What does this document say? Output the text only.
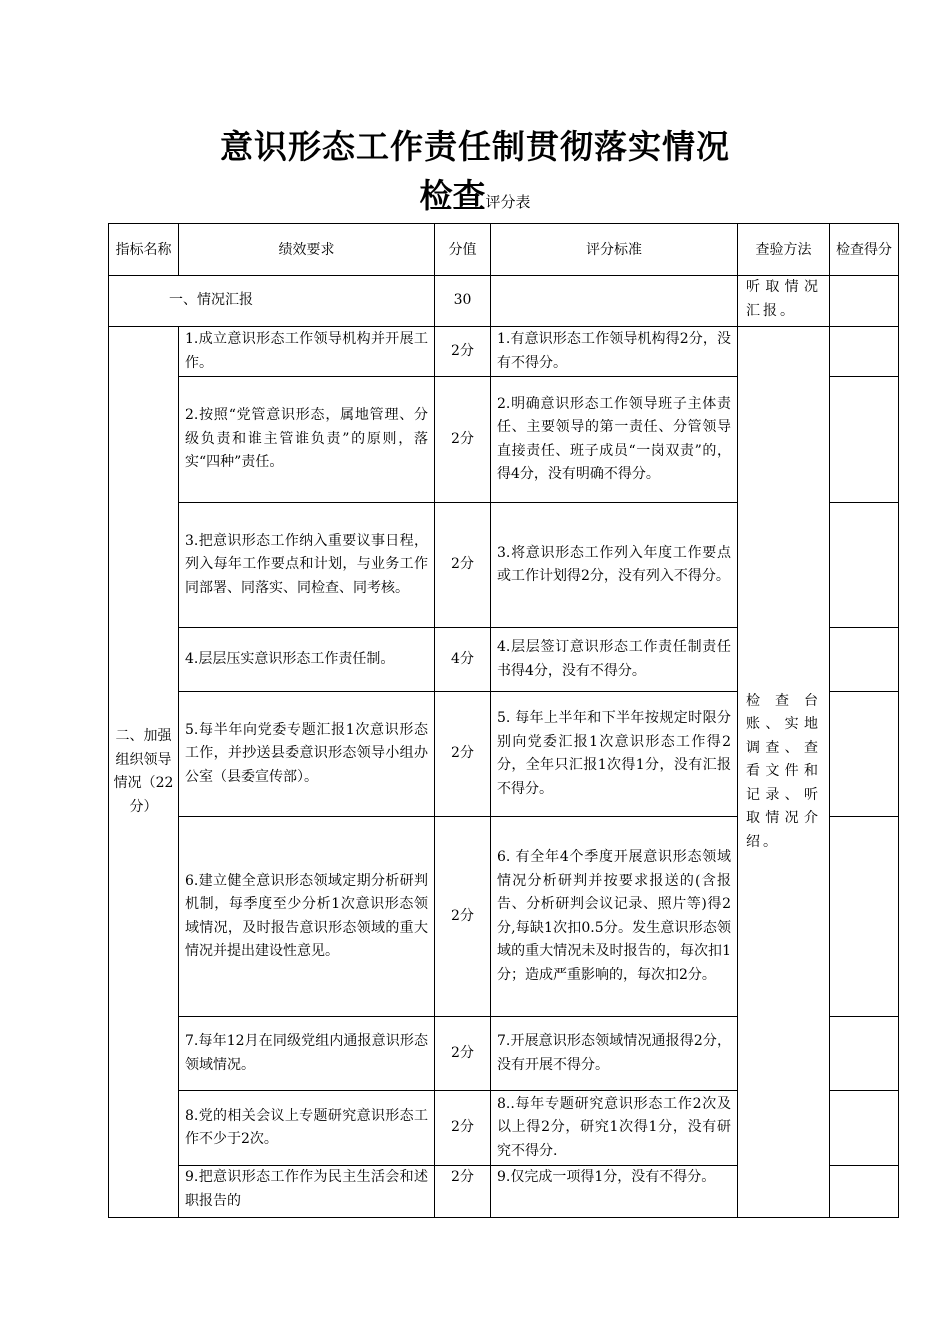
意识形态工作责任制贯彻落实情况
检查评分表
指标名称	绩效要求	分值	评分标准	查验方法	检查得分
一、情况汇报		30		听取情况汇报。	
二、加强组织领导情况（22分）	1.成立意识形态工作领导机构并开展工作。	2分	1.有意识形态工作领导机构得2分，没有不得分。	检查台账、实地调查、查看文件和记录、听取情况介绍。	
	2.按照“党管意识形态，属地管理、分级负责和谁主管谁负责”的原则，落实“四种”责任。	2分	2.明确意识形态工作领导班子主体责任、主要领导的第一责任、分管领导直接责任、班子成员“一岗双责”的，得4分，没有明确不得分。		
	3.把意识形态工作纳入重要议事日程，列入每年工作要点和计划，与业务工作同部署、同落实、同检查、同考核。	2分	3.将意识形态工作列入年度工作要点或工作计划得2分，没有列入不得分。		
	4.层层压实意识形态工作责任制。	4分	4.层层签订意识形态工作责任制责任书得4分，没有不得分。		
	5.每半年向党委专题汇报1次意识形态工作，并抄送县委意识形态领导小组办公室（县委宣传部）。	2分	5. 每年上半年和下半年按规定时限分别向党委汇报1次意识形态工作得2分，全年只汇报1次得1分，没有汇报不得分。		
	6.建立健全意识形态领域定期分析研判机制，每季度至少分析1次意识形态领域情况，及时报告意识形态领域的重大情况并提出建设性意见。	2分	6. 有全年4个季度开展意识形态领域情况分析研判并按要求报送的(含报告、分析研判会议记录、照片等)得2分,每缺1次扣0.5分。发生意识形态领域的重大情况未及时报告的，每次扣1分；造成严重影响的，每次扣2分。		
	7.每年12月在同级党组内通报意识形态领域情况。	2分	7.开展意识形态领域情况通报得2分，没有开展不得分。		
	8.党的相关会议上专题研究意识形态工作不少于2次。	2分	8..每年专题研究意识形态工作2次及以上得2分，研究1次得1分，没有研究不得分.		
	9.把意识形态工作作为民主生活会和述职报告的	2分	9.仅完成一项得1分，没有不得分。		
